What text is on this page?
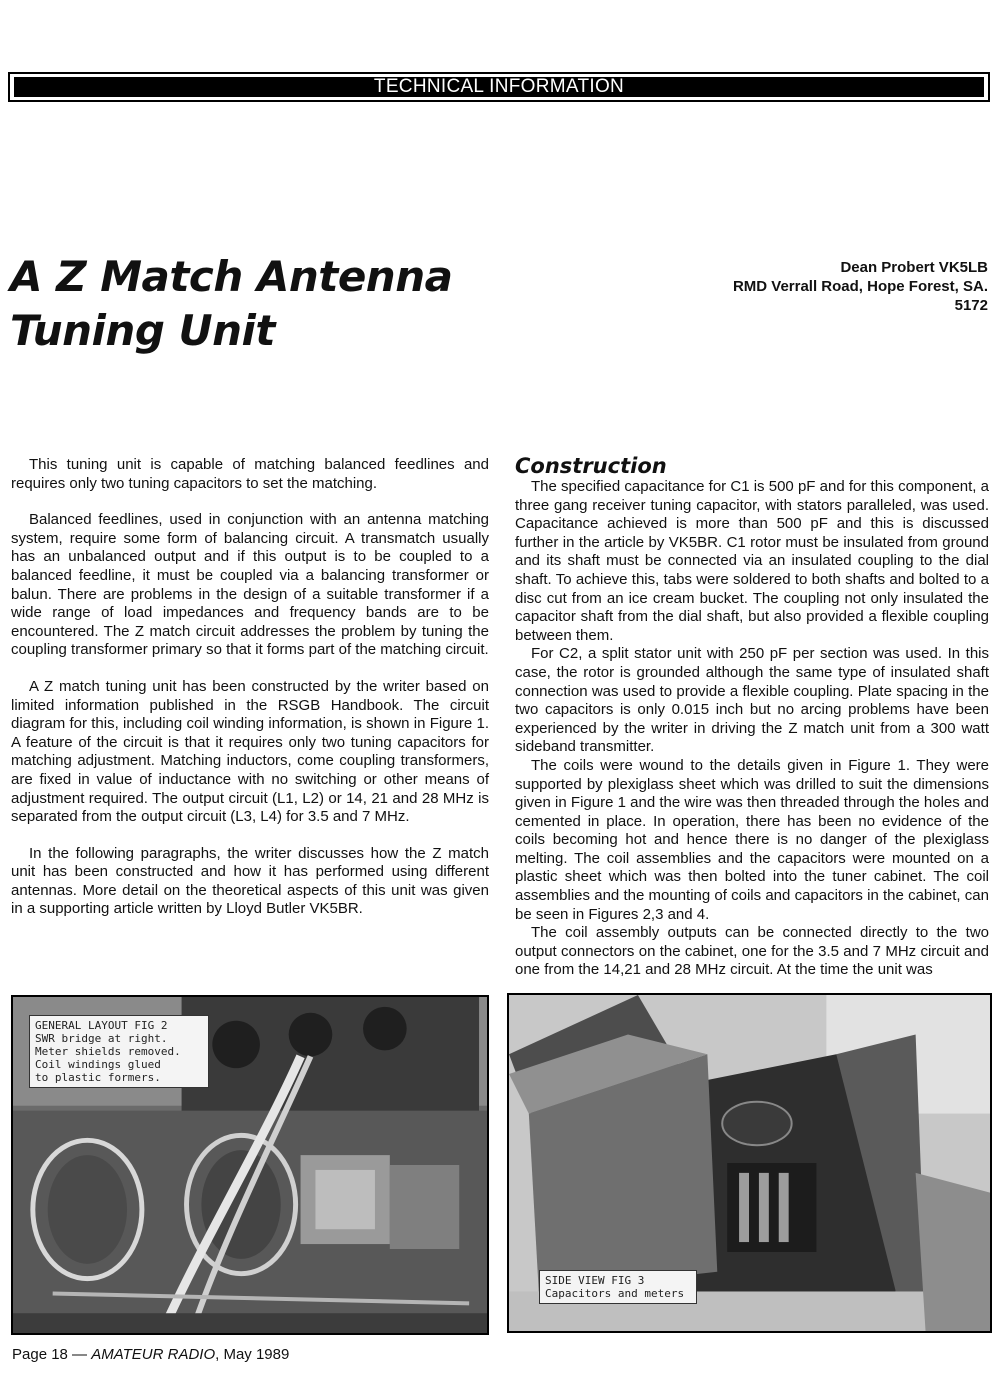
TECHNICAL INFORMATION
A Z Match Antenna
Tuning Unit
Dean Probert VK5LB
RMD Verrall Road, Hope Forest, SA.
5172

This tuning unit is capable of matching balanced feedlines and requires only two tuning capacitors to set the matching.

Balanced feedlines, used in conjunction with an antenna matching system, require some form of balancing circuit. A transmatch usually has an unbalanced output and if this output is to be coupled to a balanced feedline, it must be coupled via a balancing transformer or balun. There are problems in the design of a suitable transformer if a wide range of load impedances and frequency bands are to be encountered. The Z match circuit addresses the problem by tuning the coupling transformer primary so that it forms part of the matching circuit.

A Z match tuning unit has been constructed by the writer based on limited information published in the RSGB Handbook. The circuit diagram for this, including coil winding information, is shown in Figure 1. A feature of the circuit is that it requires only two tuning capacitors for matching adjustment. Matching inductors, come coupling transformers, are fixed in value of inductance with no switching or other means of adjustment required. The output circuit (L1, L2) or 14, 21 and 28 MHz is separated from the output circuit (L3, L4) for 3.5 and 7 MHz.

In the following paragraphs, the writer discusses how the Z match unit has been constructed and how it has performed using different antennas. More detail on the theoretical aspects of this unit was given in a supporting article written by Lloyd Butler VK5BR.

Construction

The specified capacitance for C1 is 500 pF and for this component, a three gang receiver tuning capacitor, with stators paralleled, was used. Capacitance achieved is more than 500 pF and this is discussed further in the article by VK5BR. C1 rotor must be insulated from ground and its shaft must be connected via an insulated coupling to the dial shaft. To achieve this, tabs were soldered to both shafts and bolted to a disc cut from an ice cream bucket. The coupling not only insulated the capacitor shaft from the dial shaft, but also provided a flexible coupling between them.

For C2, a split stator unit with 250 pF per section was used. In this case, the rotor is grounded although the same type of insulated shaft connection was used to provide a flexible coupling. Plate spacing in the two capacitors is only 0.015 inch but no arcing problems have been experienced by the writer in driving the Z match unit from a 300 watt sideband transmitter.

The coils were wound to the details given in Figure 1. They were supported by plexiglass sheet which was drilled to suit the dimensions given in Figure 1 and the wire was then threaded through the holes and cemented in place. In operation, there has been no evidence of the coils becoming hot and hence there is no danger of the plexiglass melting. The coil assemblies and the capacitors were mounted on a plastic sheet which was then bolted into the tuner cabinet. The coil assemblies and the mounting of coils and capacitors in the cabinet, can be seen in Figures 2,3 and 4.

The coil assembly outputs can be connected directly to the two output connectors on the cabinet, one for the 3.5 and 7 MHz circuit and one from the 14,21 and 28 MHz circuit. At the time the unit was

GENERAL LAYOUT FIG 2
SWR bridge at right.
Meter shields removed.
Coil windings glued
to plastic formers.
SIDE VIEW FIG 3
Capacitors and meters
Page 18 — AMATEUR RADIO, May 1989
